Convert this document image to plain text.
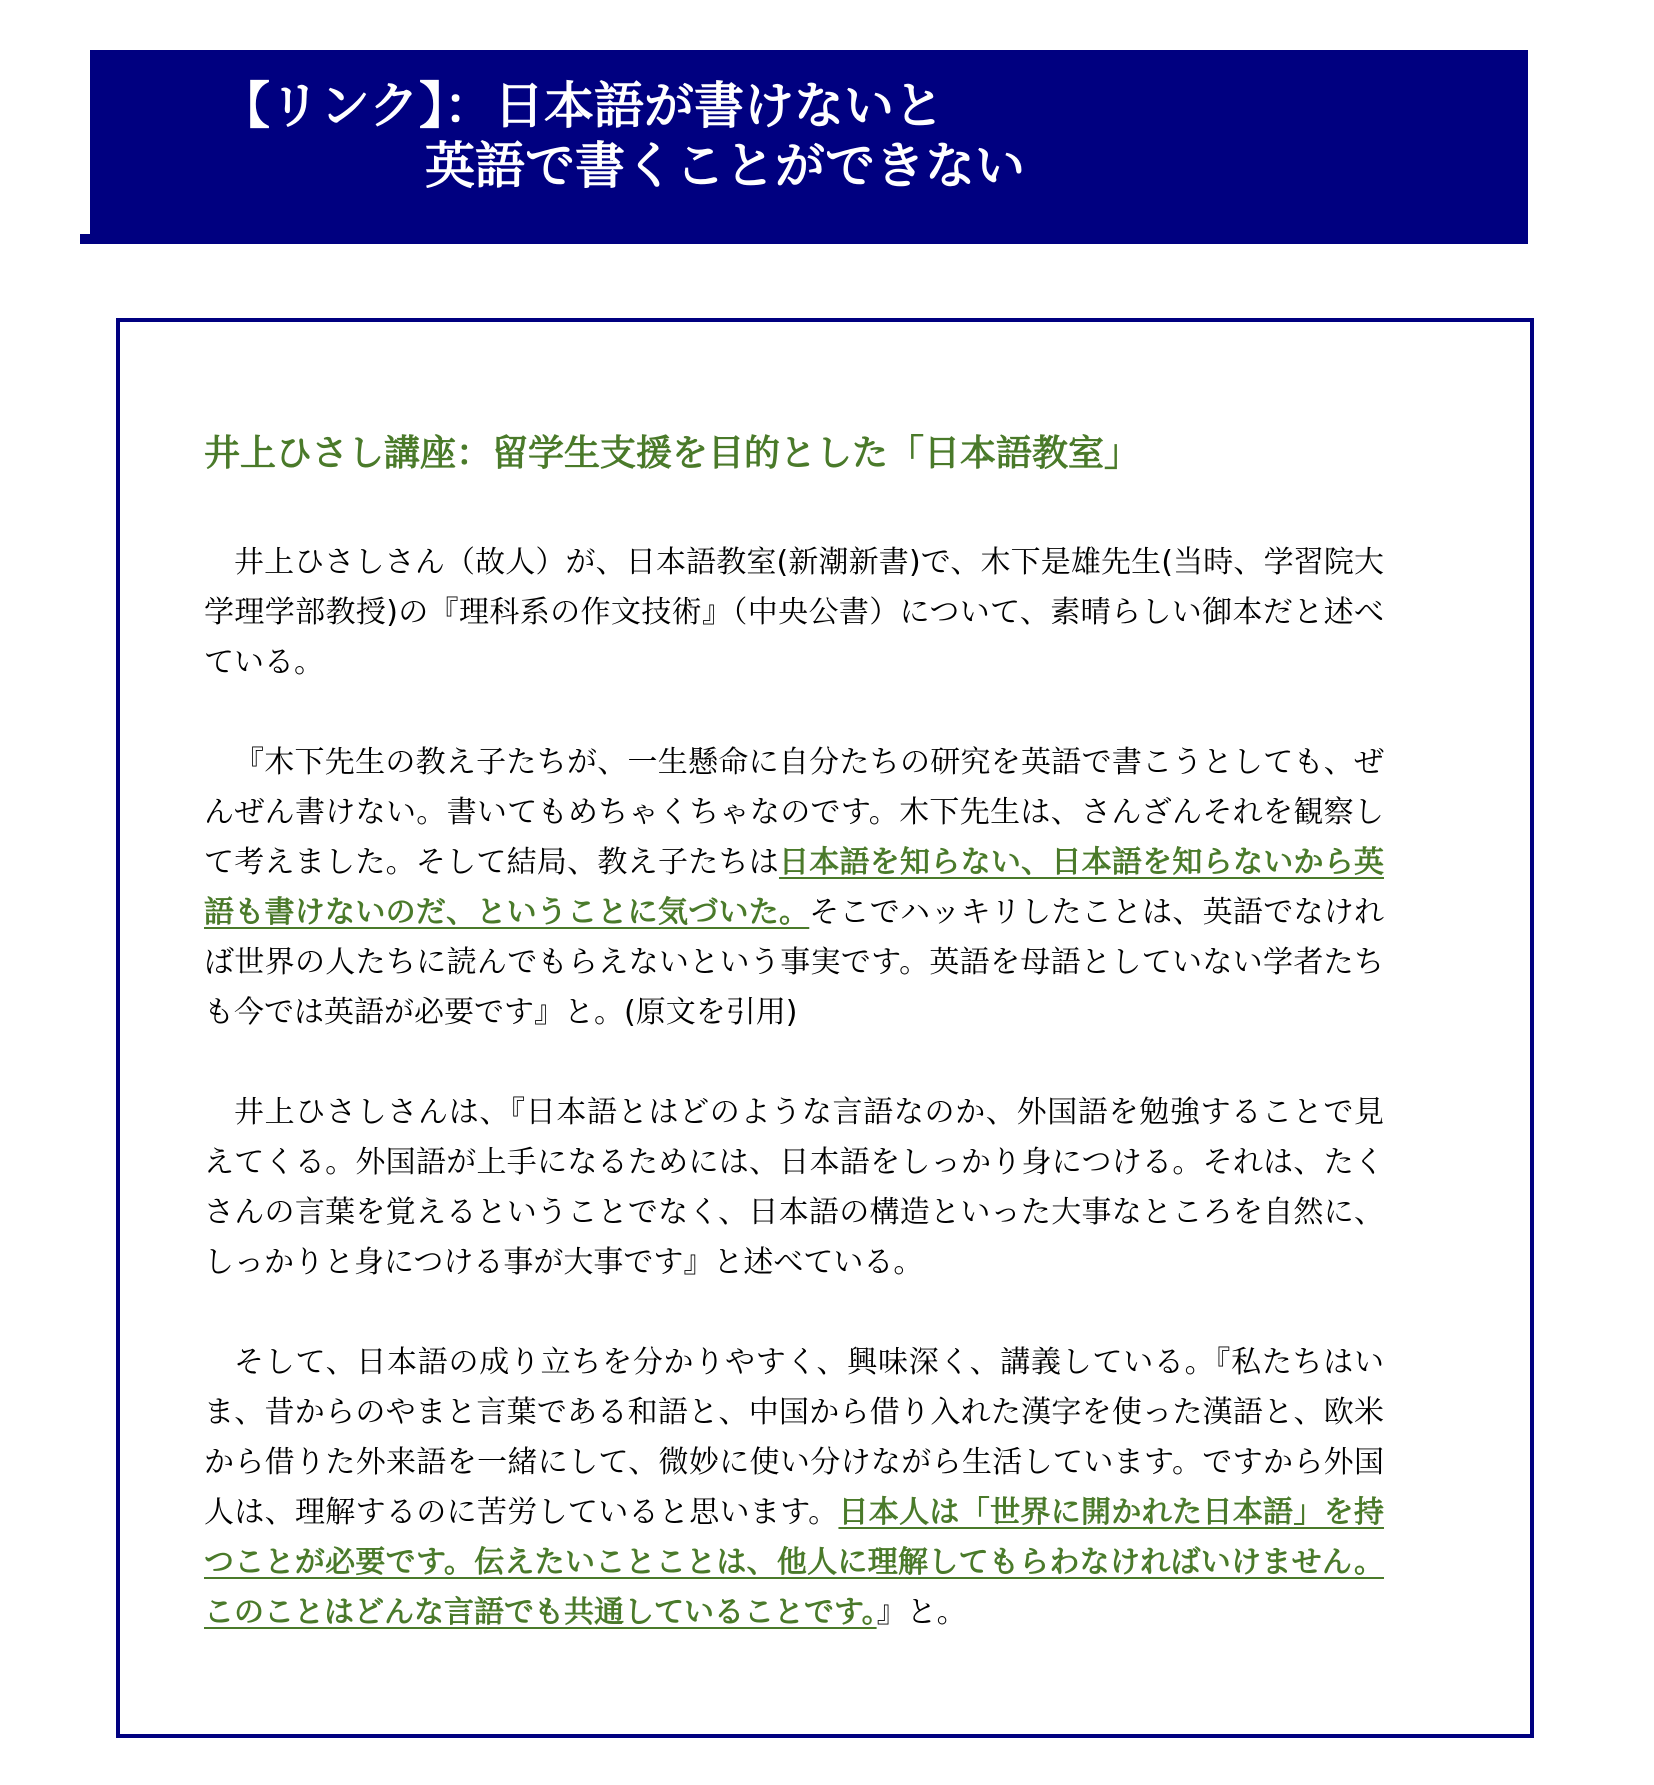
【リンク】：日本語が書けないと
英語で書くことができない
井上ひさし講座：留学生支援を目的とした「日本語教室」

井上ひさしさん（故人）が、日本語教室(新潮新書)で、木下是雄先生(当時、学習院大学理学部教授)の『理科系の作文技術』（中央公書）について、素晴らしい御本だと述べている。

『木下先生の教え子たちが、一生懸命に自分たちの研究を英語で書こうとしても、ぜんぜん書けない。書いてもめちゃくちゃなのです。木下先生は、さんざんそれを観察して考えました。そして結局、教え子たちは日本語を知らない、日本語を知らないから英語も書けないのだ、ということに気づいた。そこでハッキリしたことは、英語でなければ世界の人たちに読んでもらえないという事実です。英語を母語としていない学者たちも今では英語が必要です』と。(原文を引用)

井上ひさしさんは、『日本語とはどのような言語なのか、外国語を勉強することで見えてくる。外国語が上手になるためには、日本語をしっかり身につける。それは、たくさんの言葉を覚えるということでなく、日本語の構造といった大事なところを自然に、しっかりと身につける事が大事です』と述べている。

そして、日本語の成り立ちを分かりやすく、興味深く、講義している。『私たちはいま、昔からのやまと言葉である和語と、中国から借り入れた漢字を使った漢語と、欧米から借りた外来語を一緒にして、微妙に使い分けながら生活しています。ですから外国人は、理解するのに苦労していると思います。日本人は「世界に開かれた日本語」を持つことが必要です。伝えたいことことは、他人に理解してもらわなければいけません。このことはどんな言語でも共通していることです。』と。
